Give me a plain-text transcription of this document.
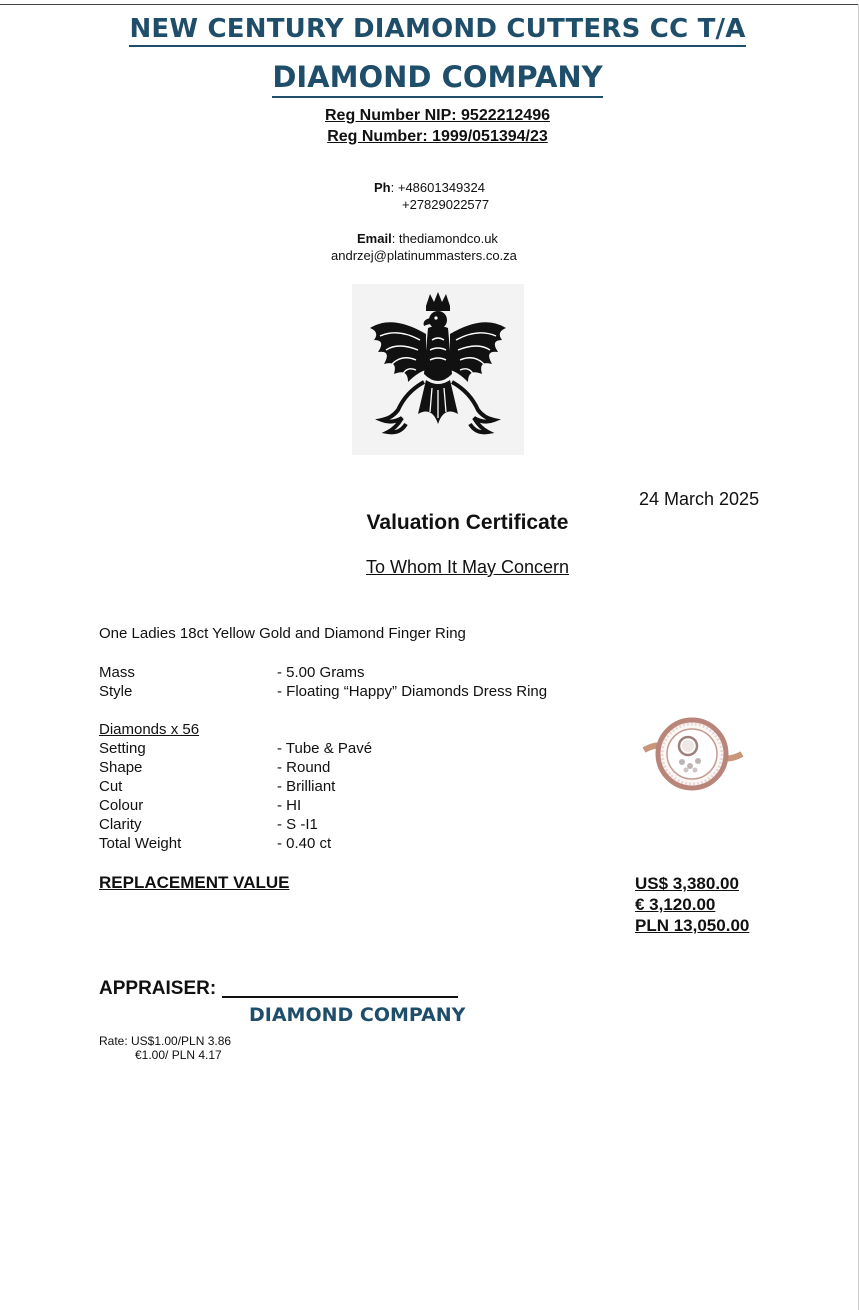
NEW CENTURY DIAMOND CUTTERS CC T/A
DIAMOND COMPANY
Reg Number NIP: 9522212496
Reg Number: 1999/051394/23
Ph: +48601349324
+27829022577
Email: thediamondco.uk
andrzej@platinummasters.co.za
24 March 2025
Valuation Certificate
To Whom It May Concern
One Ladies 18ct Yellow Gold and Diamond Finger Ring
Mass	- 5.00 Grams
Style	- Floating “Happy” Diamonds Dress Ring
Diamonds x 56
Setting	- Tube & Pavé
Shape	- Round
Cut	- Brilliant
Colour	- HI
Clarity	- S -I1
Total Weight	- 0.40 ct
REPLACEMENT VALUE	US$ 3,380.00
€ 3,120.00
PLN 13,050.00
APPRAISER:
DIAMOND COMPANY
Rate: US$1.00/PLN 3.86
€1.00/ PLN 4.17
